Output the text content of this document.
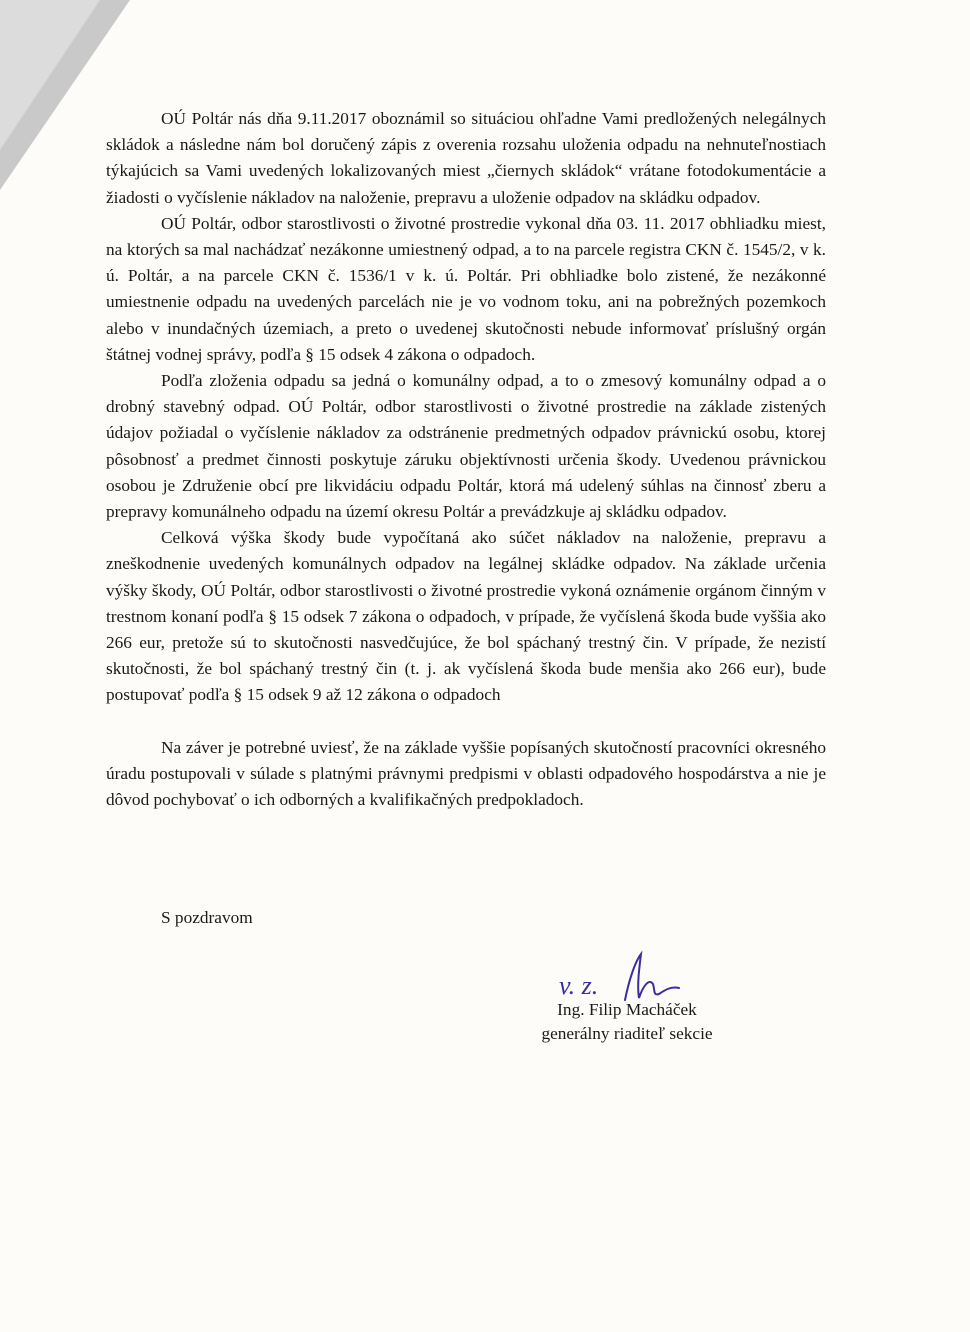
OÚ Poltár nás dňa 9.11.2017 oboznámil so situáciou ohľadne Vami predložených nelegálnych skládok a následne nám bol doručený zápis z overenia rozsahu uloženia odpadu na nehnuteľnostiach týkajúcich sa Vami uvedených lokalizovaných miest „čiernych skládok“ vrátane fotodokumentácie a žiadosti o vyčíslenie nákladov na naloženie, prepravu a uloženie odpadov na skládku odpadov.

OÚ Poltár, odbor starostlivosti o životné prostredie vykonal dňa 03. 11. 2017 obhliadku miest, na ktorých sa mal nachádzať nezákonne umiestnený odpad, a to na parcele registra CKN č. 1545/2, v k. ú. Poltár, a na parcele CKN č. 1536/1 v k. ú. Poltár. Pri obhliadke bolo zistené, že nezákonné umiestnenie odpadu na uvedených parcelách nie je vo vodnom toku, ani na pobrežných pozemkoch alebo v inundačných územiach, a preto o uvedenej skutočnosti nebude informovať príslušný orgán štátnej vodnej správy, podľa § 15 odsek 4 zákona o odpadoch.

Podľa zloženia odpadu sa jedná o komunálny odpad, a to o zmesový komunálny odpad a o drobný stavebný odpad. OÚ Poltár, odbor starostlivosti o životné prostredie na základe zistených údajov požiadal o vyčíslenie nákladov za odstránenie predmetných odpadov právnickú osobu, ktorej pôsobnosť a predmet činnosti poskytuje záruku objektívnosti určenia škody. Uvedenou právnickou osobou je Združenie obcí pre likvidáciu odpadu Poltár, ktorá má udelený súhlas na činnosť zberu a prepravy komunálneho odpadu na území okresu Poltár a prevádzkuje aj skládku odpadov.

Celková výška škody bude vypočítaná ako súčet nákladov na naloženie, prepravu a zneškodnenie uvedených komunálnych odpadov na legálnej skládke odpadov. Na základe určenia výšky škody, OÚ Poltár, odbor starostlivosti o životné prostredie vykoná oznámenie orgánom činným v trestnom konaní podľa § 15 odsek 7 zákona o odpadoch, v prípade, že vyčíslená škoda bude vyššia ako 266 eur, pretože sú to skutočnosti nasvedčujúce, že bol spáchaný trestný čin. V prípade, že nezistí skutočnosti, že bol spáchaný trestný čin (t. j. ak vyčíslená škoda bude menšia ako 266 eur), bude postupovať podľa § 15 odsek 9 až 12 zákona o odpadoch

Na záver je potrebné uviesť, že na základe vyššie popísaných skutočností pracovníci okresného úradu postupovali v súlade s platnými právnymi predpismi v oblasti odpadového hospodárstva a nie je dôvod pochybovať o ich odborných a kvalifikačných predpokladoch.

S pozdravom
v. z.
Ing. Filip Macháček
generálny riaditeľ sekcie
